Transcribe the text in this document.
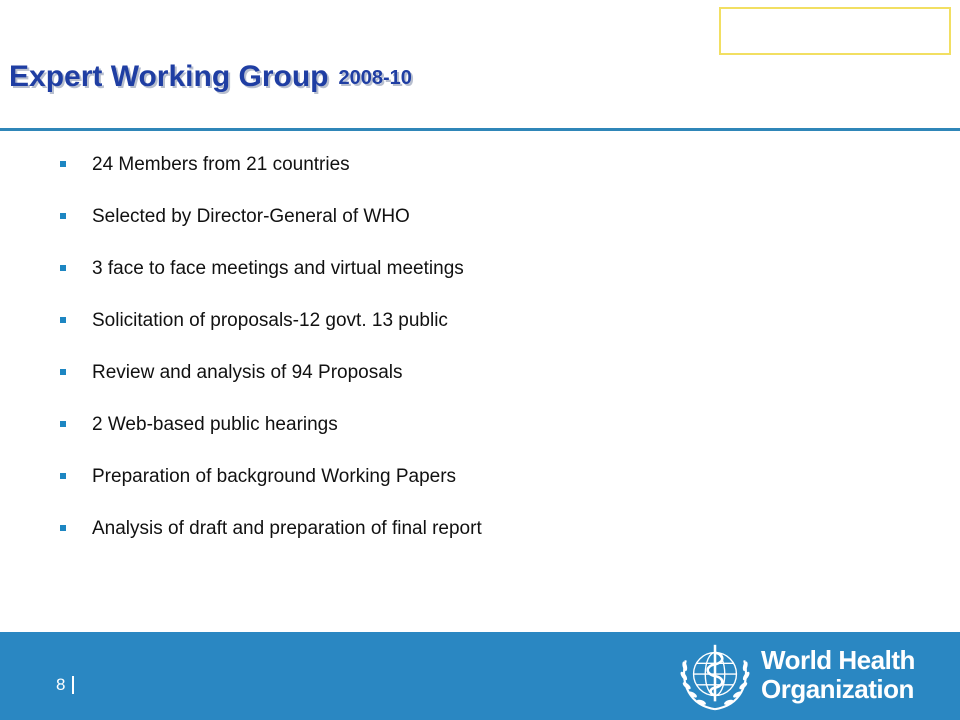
Expert Working Group 2008-10
24 Members from 21 countries
Selected by Director-General of WHO
3 face to face meetings and virtual meetings
Solicitation of proposals-12 govt. 13 public
Review and analysis of 94 Proposals
2 Web-based public hearings
Preparation of background Working Papers
Analysis of draft and preparation of final report
8
World Health
Organization
